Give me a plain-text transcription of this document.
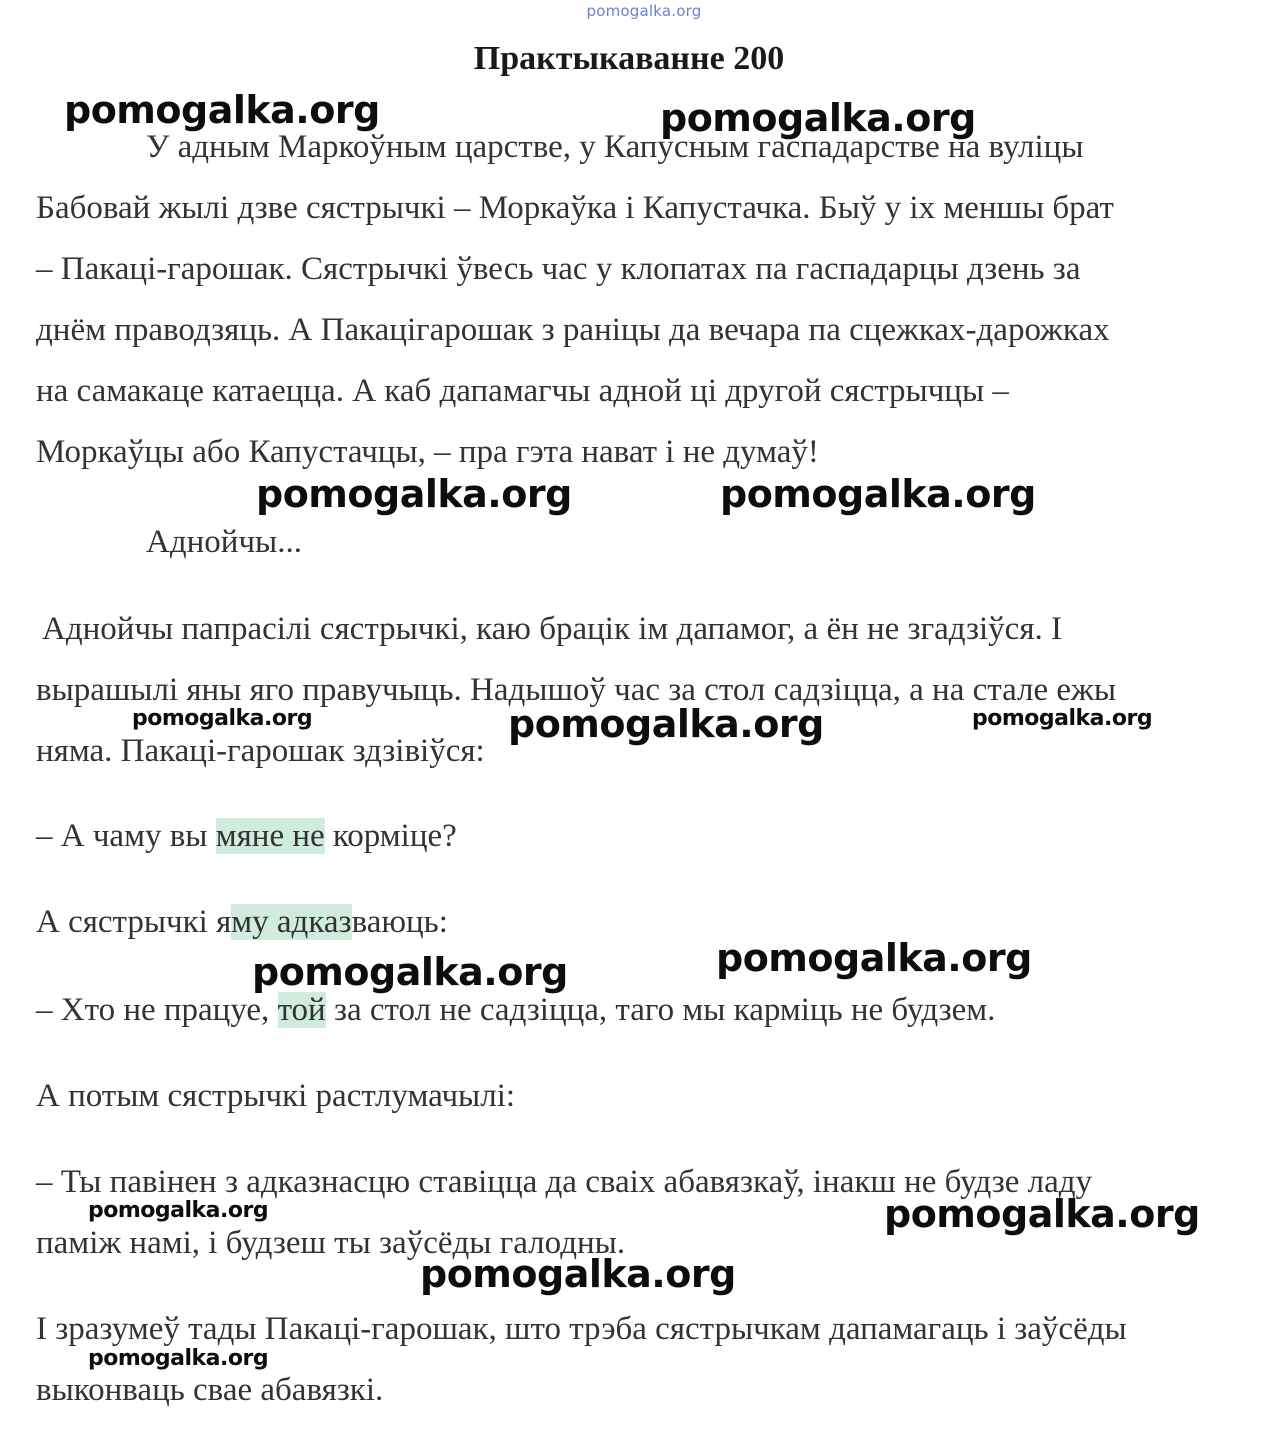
pomogalka.org
Практыкаванне 200
У адным Маркоўным царстве, у Капусным гаспадарстве на вуліцы
Бабовай жылі дзве сястрычкі – Моркаўка і Капустачка. Быў у іх меншы брат
– Пакаці-гарошак. Сястрычкі ўвесь час у клопатах па гаспадарцы дзень за
днём праводзяць. А Пакацігарошак з раніцы да вечара па сцежках-дарожках
на самакаце катаецца. А каб дапамагчы адной ці другой сястрычцы –
Моркаўцы або Капустачцы, – пра гэта нават і не думаў!
Аднойчы...
Аднойчы папрасілі сястрычкі, каю брацік ім дапамог, а ён не згадзіўся. І
вырашылі яны яго правучыць. Надышоў час за стол садзіцца, а на стале ежы
няма. Пакаці-гарошак здзівіўся:
– А чаму вы мяне не корміце?
А сястрычкі яму адказваюць:
– Хто не працуе, той за стол не садзіцца, таго мы карміць не будзем.
А потым сястрычкі растлумачылі:
– Ты павінен з адказнасцю ставіцца да сваіх абавязкаў, інакш не будзе ладу
паміж намі, і будзеш ты заўсёды галодны.
І зразумеў тады Пакаці-гарошак, што трэба сястрычкам дапамагаць і заўсёды
выконваць свае абавязкі.
pomogalka.org	pomogalka.org
pomogalka.org	pomogalka.org
pomogalka.org	pomogalka.org	pomogalka.org
pomogalka.org	pomogalka.org
pomogalka.org	pomogalka.org
pomogalka.org
pomogalka.org
